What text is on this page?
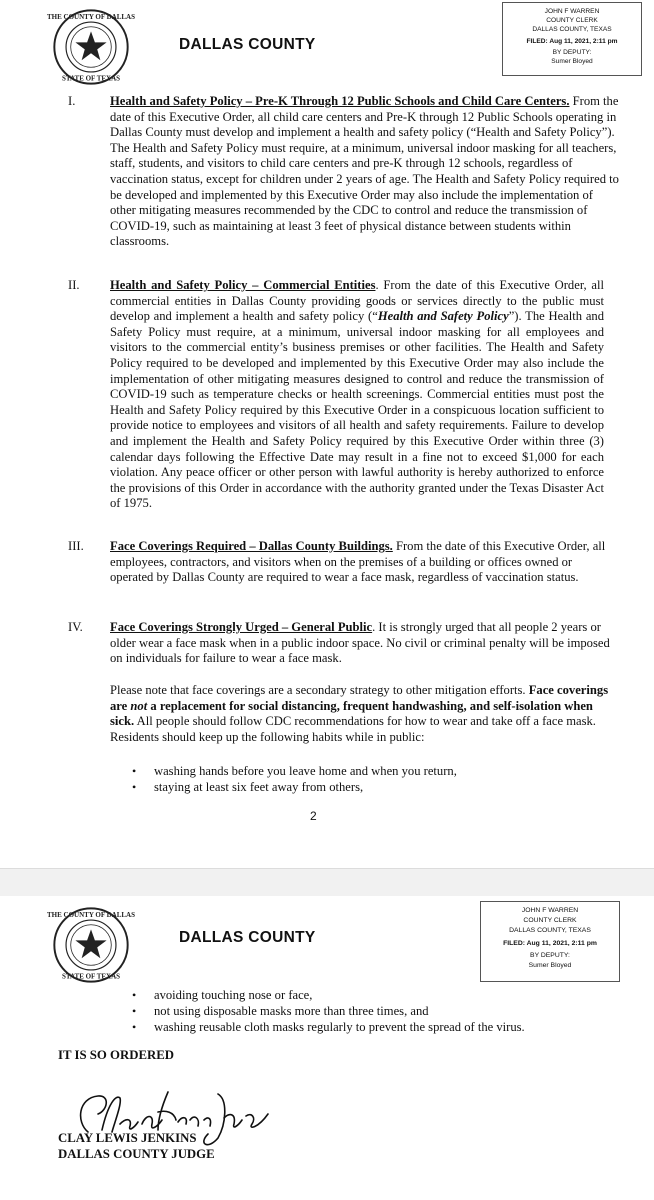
THE COUNTY OF DALLAS
STATE OF TEXAS
DALLAS COUNTY
JOHN F WARREN
COUNTY CLERK
DALLAS COUNTY, TEXAS
FILED: Aug 11, 2021, 2:11 pm
BY DEPUTY:
Sumer Bloyed
I.	Health and Safety Policy – Pre-K Through 12 Public Schools and Child Care Centers. From the date of this Executive Order, all child care centers and Pre-K through 12 Public Schools operating in Dallas County must develop and implement a health and safety policy (“Health and Safety Policy”). The Health and Safety Policy must require, at a minimum, universal indoor masking for all teachers, staff, students, and visitors to child care centers and pre-K through 12 schools, regardless of vaccination status, except for children under 2 years of age. The Health and Safety Policy required to be developed and implemented by this Executive Order may also include the implementation of other mitigating measures recommended by the CDC to control and reduce the transmission of COVID-19, such as maintaining at least 3 feet of physical distance between students within classrooms.
II. Health and Safety Policy – Commercial Entities. From the date of this Executive Order, all commercial entities in Dallas County providing goods or services directly to the public must develop and implement a health and safety policy (“Health and Safety Policy”). The Health and Safety Policy must require, at a minimum, universal indoor masking for all employees and visitors to the commercial entity’s business premises or other facilities. The Health and Safety Policy required to be developed and implemented by this Executive Order may also include the implementation of other mitigating measures designed to control and reduce the transmission of COVID-19 such as temperature checks or health screenings. Commercial entities must post the Health and Safety Policy required by this Executive Order in a conspicuous location sufficient to provide notice to employees and visitors of all health and safety requirements. Failure to develop and implement the Health and Safety Policy required by this Executive Order within three (3) calendar days following the Effective Date may result in a fine not to exceed $1,000 for each violation. Any peace officer or other person with lawful authority is hereby authorized to enforce the provisions of this Order in accordance with the authority granted under the Texas Disaster Act of 1975.
III. Face Coverings Required – Dallas County Buildings. From the date of this Executive Order, all employees, contractors, and visitors when on the premises of a building or offices owned or operated by Dallas County are required to wear a face mask, regardless of vaccination status.
IV. Face Coverings Strongly Urged – General Public. It is strongly urged that all people 2 years or older wear a face mask when in a public indoor space. No civil or criminal penalty will be imposed on individuals for failure to wear a face mask.
Please note that face coverings are a secondary strategy to other mitigation efforts. Face coverings are not a replacement for social distancing, frequent handwashing, and self-isolation when sick. All people should follow CDC recommendations for how to wear and take off a face mask. Residents should keep up the following habits while in public:
• washing hands before you leave home and when you return,
• staying at least six feet away from others,
2
THE COUNTY OF DALLAS
STATE OF TEXAS
DALLAS COUNTY
JOHN F WARREN
COUNTY CLERK
DALLAS COUNTY, TEXAS
FILED: Aug 11, 2021, 2:11 pm
BY DEPUTY:
Sumer Bloyed
• avoiding touching nose or face,
• not using disposable masks more than three times, and
• washing reusable cloth masks regularly to prevent the spread of the virus.
IT IS SO ORDERED
CLAY LEWIS JENKINS
DALLAS COUNTY JUDGE
